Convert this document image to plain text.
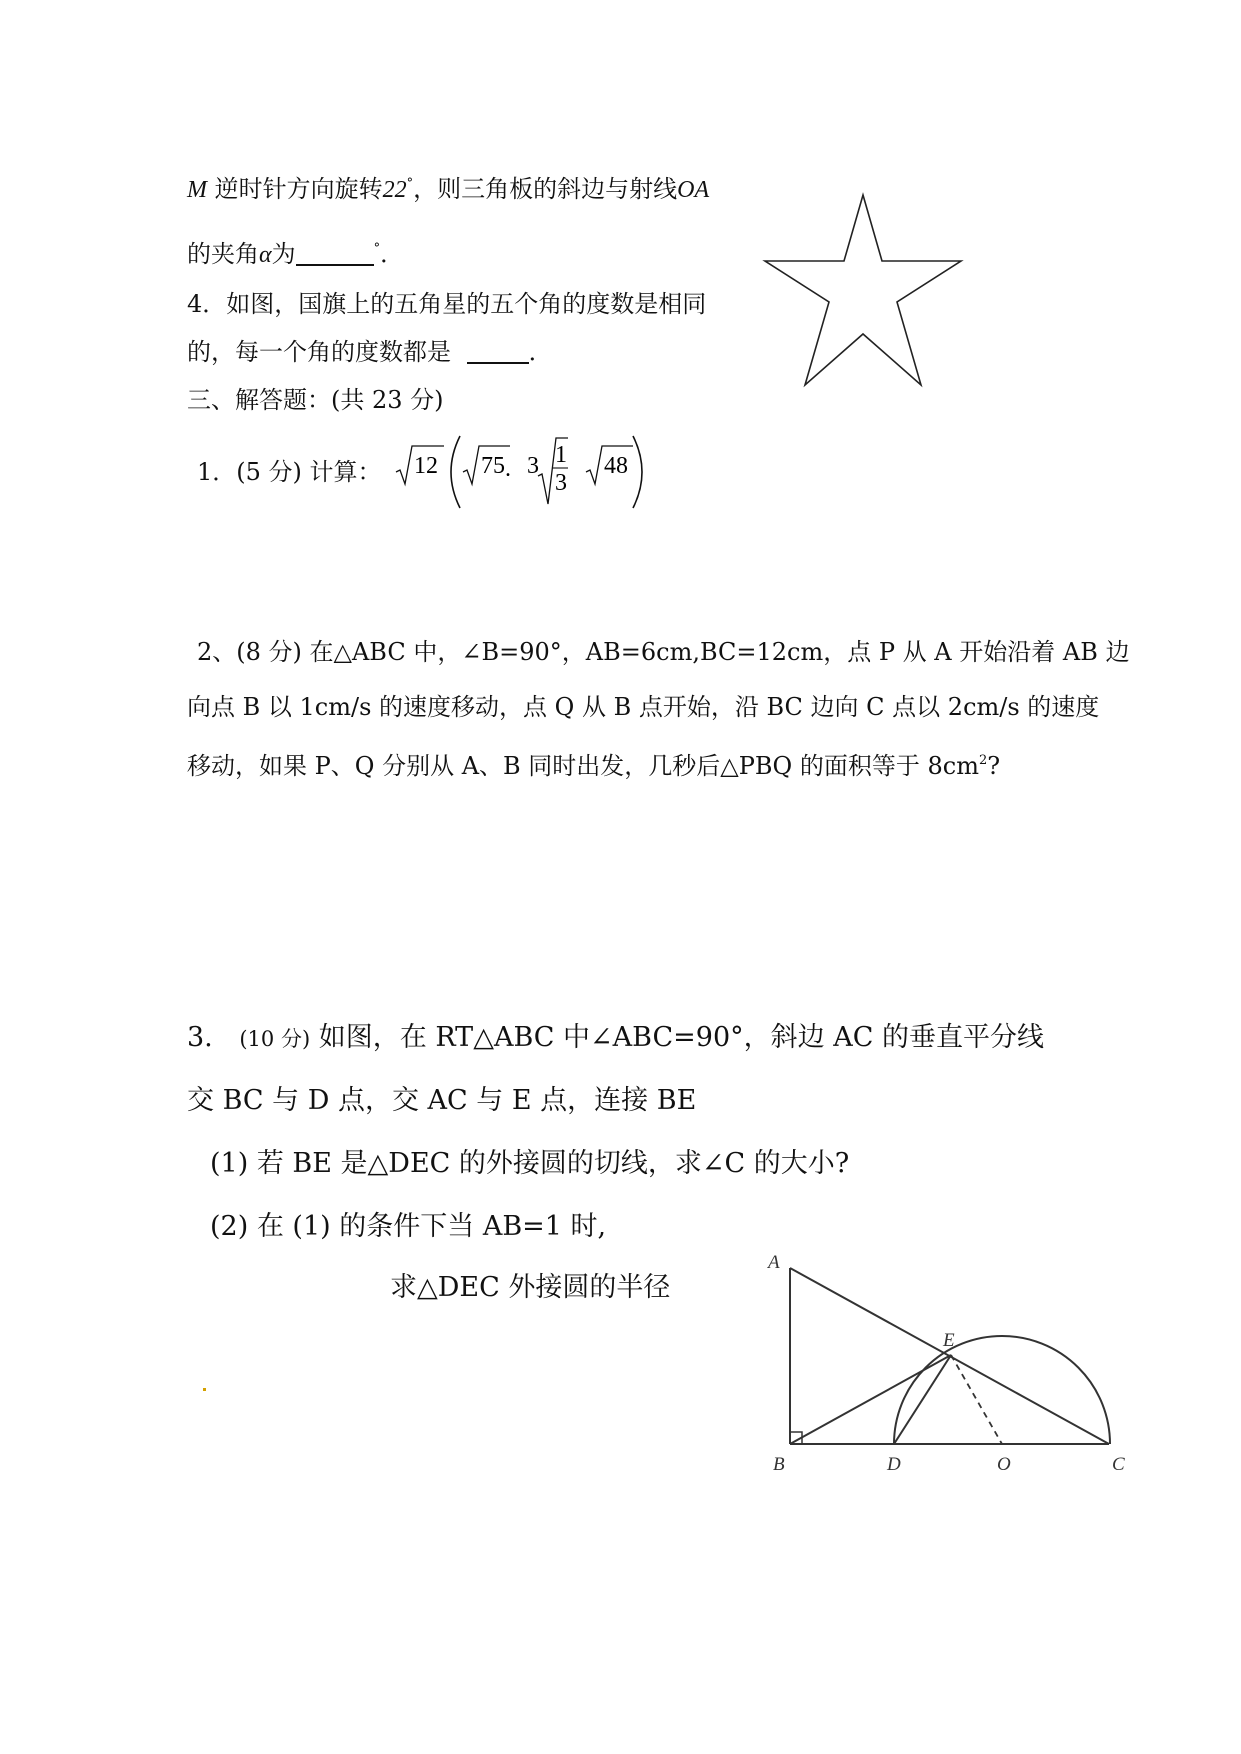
M 逆时针方向旋转22°，则三角板的斜边与射线OA
的夹角α为	°．
4．如图，国旗上的五角星的五个角的度数是相同
的，每一个角的度数都是	．
三、解答题：(共 23 分)
1．(5 分) 计算： 12 75 . 3 1
3
48
2、(8 分) 在△ABC 中，∠B=90°，AB=6cm,BC=12cm，点 P 从 A 开始沿着 AB 边
向点 B 以 1cm/s 的速度移动，点 Q 从 B 点开始，沿 BC 边向 C 点以 2cm/s 的速度
移动，如果 P、Q 分别从 A、B 同时出发，几秒后△PBQ 的面积等于 $8cm^2$?
3. (10 分) 如图，在 RT△ABC 中∠ABC=90°，斜边 AC 的垂直平分线
交 BC 与 D 点，交 AC 与 E 点，连接 BE
(1) 若 BE 是△DEC 的外接圆的切线，求∠C 的大小?
(2) 在 (1) 的条件下当 AB=1 时,
求△DEC 外接圆的半径
A
B	C
D
E
O
